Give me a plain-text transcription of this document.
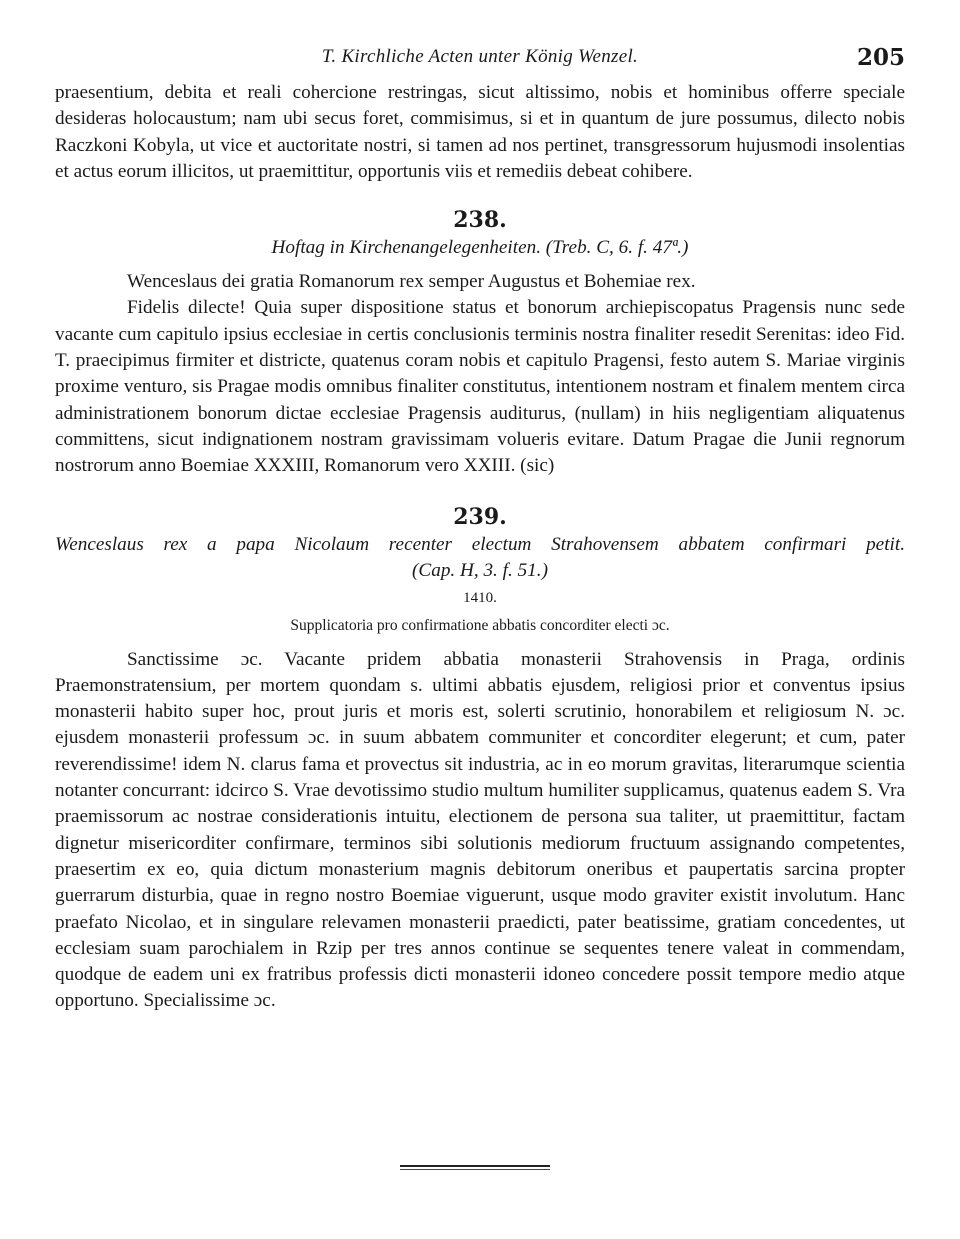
T. Kirchliche Acten unter König Wenzel.	205

praesentium, debita et reali cohercione restringas, sicut altissimo, nobis et hominibus offerre speciale desideras holocaustum; nam ubi secus foret, commisimus, si et in quantum de jure possumus, dilecto nobis Raczkoni Kobyla, ut vice et auctoritate nostri, si tamen ad nos pertinet, transgressorum hujusmodi insolentias et actus eorum illicitos, ut praemittitur, opportunis viis et remediis debeat cohibere.

238.

Hoftag in Kirchenangelegenheiten. (Treb. C, 6. f. 47ª.)

Wenceslaus dei gratia Romanorum rex semper Augustus et Bohemiae rex.

Fidelis dilecte! Quia super dispositione status et bonorum archiepiscopatus Pragensis nunc sede vacante cum capitulo ipsius ecclesiae in certis conclusionis terminis nostra finaliter resedit Serenitas: ideo Fid. T. praecipimus firmiter et districte, quatenus coram nobis et capitulo Pragensi, festo autem S. Mariae virginis proxime venturo, sis Pragae modis omnibus finaliter constitutus, intentionem nostram et finalem mentem circa administrationem bonorum dictae ecclesiae Pragensis auditurus, (nullam) in hiis negligentiam aliquatenus committens, sicut indignationem nostram gravissimam volueris evitare. Datum Pragae die Junii regnorum nostrorum anno Boemiae XXXIII, Romanorum vero XXIII. (sic)

239.

Wenceslaus rex a papa Nicolaum recenter electum Strahovensem abbatem confirmari petit.

(Cap. H, 3. f. 51.)

1410.

Supplicatoria pro confirmatione abbatis concorditer electi ɔc.

Sanctissime ɔc. Vacante pridem abbatia monasterii Strahovensis in Praga, ordinis Praemonstratensium, per mortem quondam s. ultimi abbatis ejusdem, religiosi prior et conventus ipsius monasterii habito super hoc, prout juris et moris est, solerti scrutinio, honorabilem et religiosum N. ɔc. ejusdem monasterii professum ɔc. in suum abbatem communiter et concorditer elegerunt; et cum, pater reverendissime! idem N. clarus fama et provectus sit industria, ac in eo morum gravitas, literarumque scientia notanter concurrant: idcirco S. Vrae devotissimo studio multum humiliter supplicamus, quatenus eadem S. Vra praemissorum ac nostrae considerationis intuitu, electionem de persona sua taliter, ut praemittitur, factam dignetur misericorditer confirmare, terminos sibi solutionis mediorum fructuum assignando competentes, praesertim ex eo, quia dictum monasterium magnis debitorum oneribus et paupertatis sarcina propter guerrarum disturbia, quae in regno nostro Boemiae viguerunt, usque modo graviter existit involutum. Hanc praefato Nicolao, et in singulare relevamen monasterii praedicti, pater beatissime, gratiam concedentes, ut ecclesiam suam parochialem in Rzip per tres annos continue se sequentes tenere valeat in commendam, quodque de eadem uni ex fratribus professis dicti monasterii idoneo concedere possit tempore medio atque opportuno. Specialissime ɔc.
